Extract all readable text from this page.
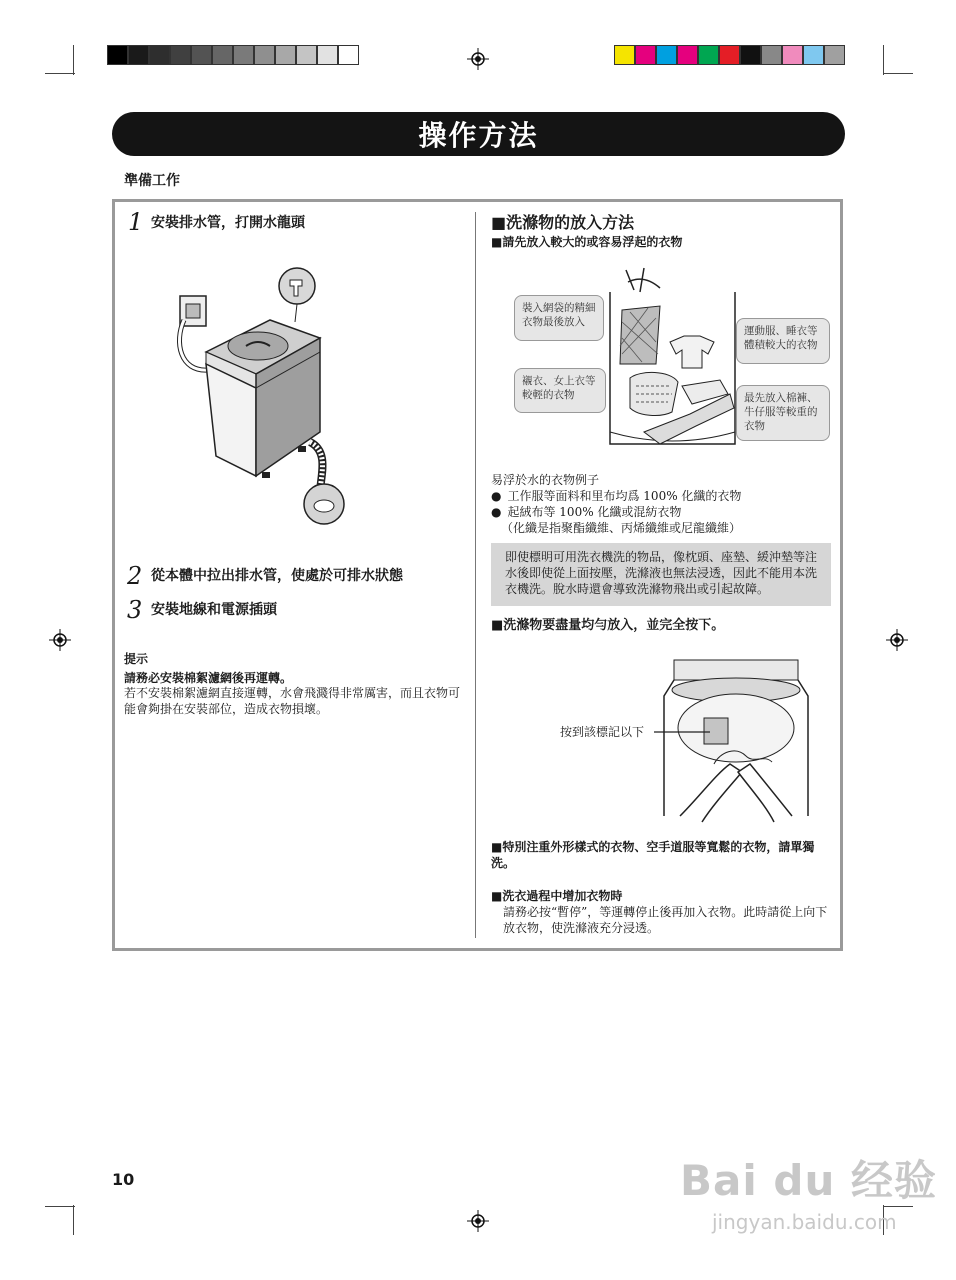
操作方法
準備工作
1 安裝排水管，打開水龍頭
2 從本體中拉出排水管，使處於可排水狀態
3 安裝地線和電源插頭
提示
請務必安裝棉絮濾網後再運轉。
若不安裝棉絮濾網直接運轉，水會飛濺得非常厲害，而且衣物可能會夠掛在安裝部位，造成衣物損壞。
■洗滌物的放入方法
■請先放入較大的或容易浮起的衣物
裝入網袋的精細衣物最後放入
襯衣、女上衣等較輕的衣物
運動服、睡衣等體積較大的衣物
最先放入棉褲、牛仔服等較重的衣物
易浮於水的衣物例子
● 工作服等面料和里布均爲 100% 化纖的衣物
● 起絨布等 100% 化纖或混紡衣物
（化纖是指聚酯纖維、丙烯纖維或尼龍纖維）
即使標明可用洗衣機洗的物品，像枕頭、座墊、緩沖墊等注水後即使從上面按壓，洗滌液也無法浸透，因此不能用本洗衣機洗。脫水時還會導致洗滌物飛出或引起故障。
■洗滌物要盡量均勻放入，並完全按下。
按到該標記以下
■特別注重外形樣式的衣物、空手道服等寬鬆的衣物，請單獨洗。
■洗衣過程中增加衣物時
請務必按“暫停”，等運轉停止後再加入衣物。此時請從上向下放衣物，使洗滌液充分浸透。
10	Bai du 经验
jingyan.baidu.com
